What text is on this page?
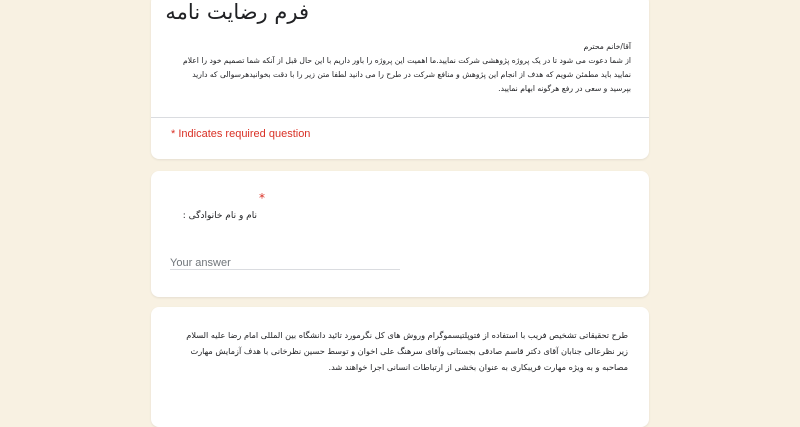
فرم رضایت نامه

آقا/خانم محترم

از شما دعوت می شود تا در یک پروژه پژوهشی شرکت نمایید.ما اهمیت این پروژه را باور داریم با این حال قبل از آنکه شما تصمیم خود را اعلام نمایید باید مطمئن شویم که هدف از انجام این پژوهش و منافع شرکت در طرح را می دانید لطفا متن زیر را با دقت بخوانیدهرسوالی که دارید بپرسید و سعی در رفع هرگونه ابهام نمایید.

* Indicates required question
*
نام و نام خانوادگی :
Your answer

طرح تحقیقاتی تشخیص فریب با استفاده از فتوپلتیسموگرام وروش های کل نگرمورد تائید دانشگاه بین المللی امام رضا علیه السلام زیر نظرعالی جنابان آقای دکتر قاسم صادقی بجستانی وآقای سرهنگ علی اخوان و توسط حسین نظرخانی با هدف آزمایش مهارت مصاحبه و به ویژه مهارت فریبکاری به عنوان بخشی از ارتباطات انسانی اجرا خواهند شد.
